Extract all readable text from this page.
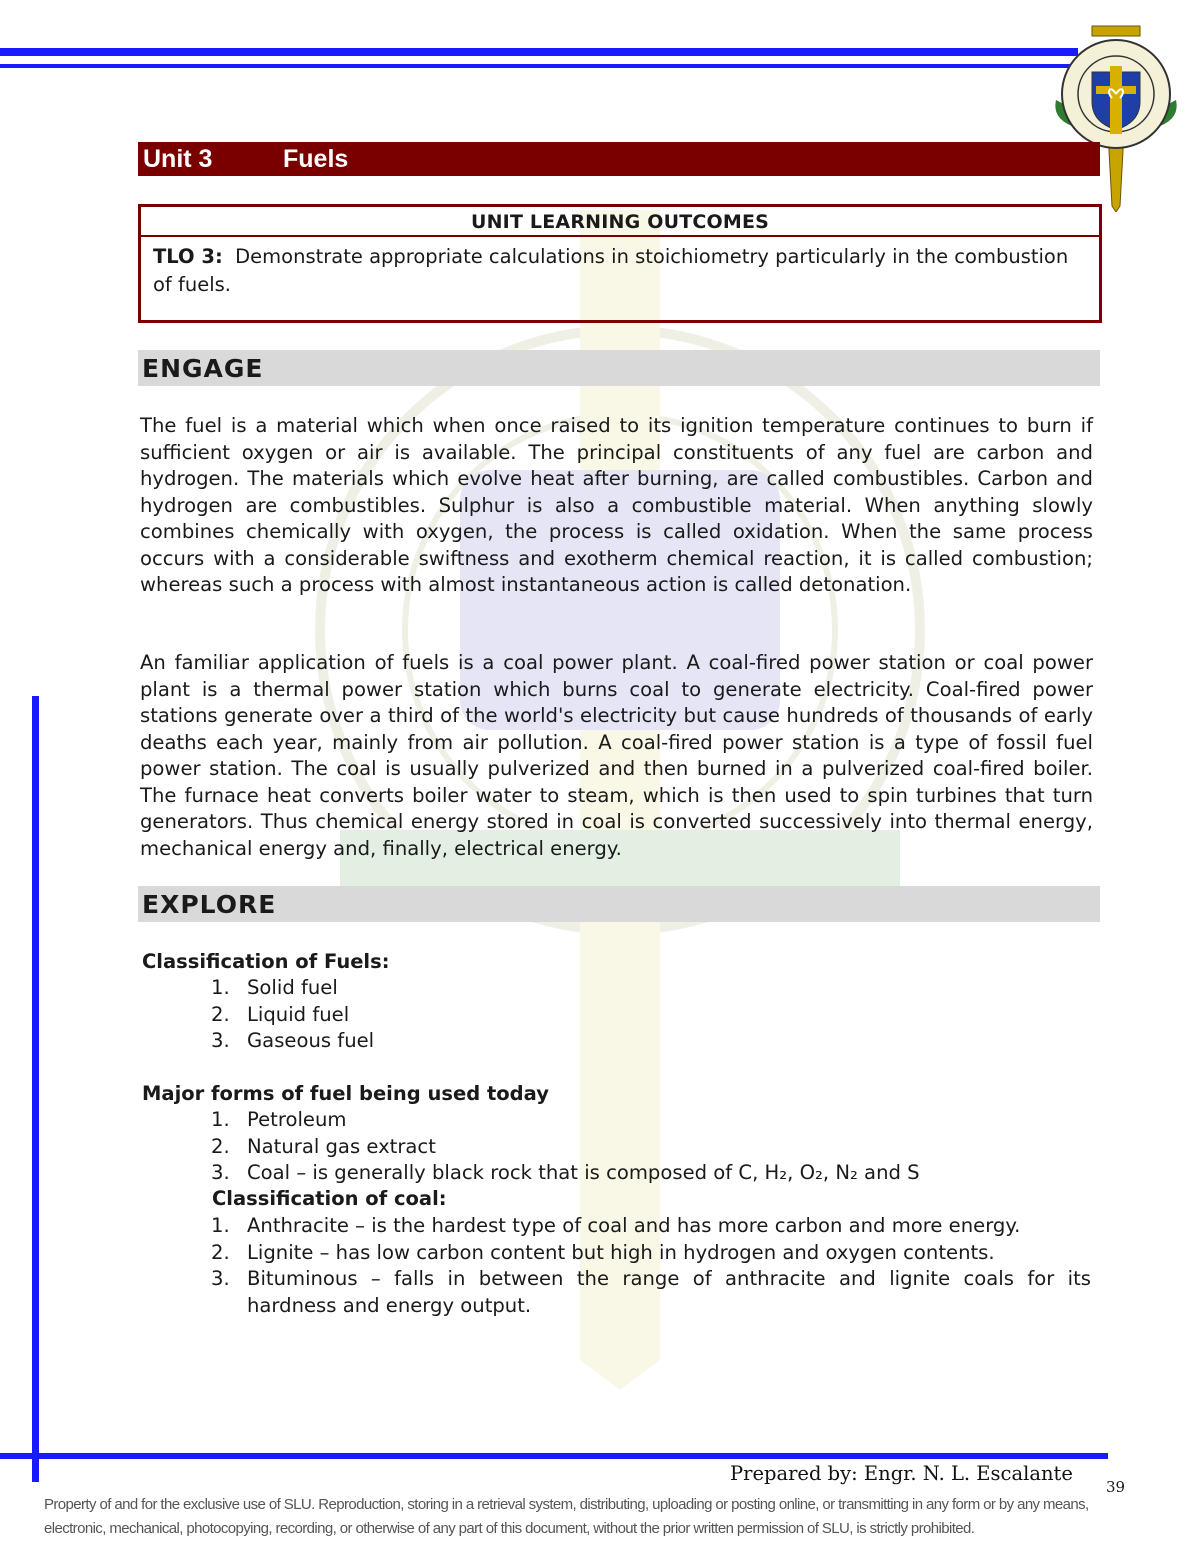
Unit 3	Fuels
UNIT LEARNING OUTCOMES
TLO 3: Demonstrate appropriate calculations in stoichiometry particularly in the combustion of fuels.
ENGAGE
The fuel is a material which when once raised to its ignition temperature continues to burn if sufficient oxygen or air is available. The principal constituents of any fuel are carbon and hydrogen. The materials which evolve heat after burning, are called combustibles. Carbon and hydrogen are combustibles. Sulphur is also a combustible material. When anything slowly combines chemically with oxygen, the process is called oxidation. When the same process occurs with a considerable swiftness and exotherm chemical reaction, it is called combustion; whereas such a process with almost instantaneous action is called detonation.
An familiar application of fuels is a coal power plant. A coal-fired power station or coal power plant is a thermal power station which burns coal to generate electricity. Coal-fired power stations generate over a third of the world's electricity but cause hundreds of thousands of early deaths each year, mainly from air pollution. A coal-fired power station is a type of fossil fuel power station. The coal is usually pulverized and then burned in a pulverized coal-fired boiler. The furnace heat converts boiler water to steam, which is then used to spin turbines that turn generators. Thus chemical energy stored in coal is converted successively into thermal energy, mechanical energy and, finally, electrical energy.
EXPLORE
Classification of Fuels:
1. Solid fuel
2. Liquid fuel
3. Gaseous fuel
Major forms of fuel being used today
1. Petroleum
2. Natural gas extract
3. Coal – is generally black rock that is composed of C, H₂, O₂, N₂ and S
Classification of coal:
1. Anthracite – is the hardest type of coal and has more carbon and more energy.
2. Lignite – has low carbon content but high in hydrogen and oxygen contents.
3. Bituminous – falls in between the range of anthracite and lignite coals for its hardness and energy output.
Prepared by: Engr. N. L. Escalante
39
Property of and for the exclusive use of SLU. Reproduction, storing in a retrieval system, distributing, uploading or posting online, or transmitting in any form or by any means, electronic, mechanical, photocopying, recording, or otherwise of any part of this document, without the prior written permission of SLU, is strictly prohibited.
